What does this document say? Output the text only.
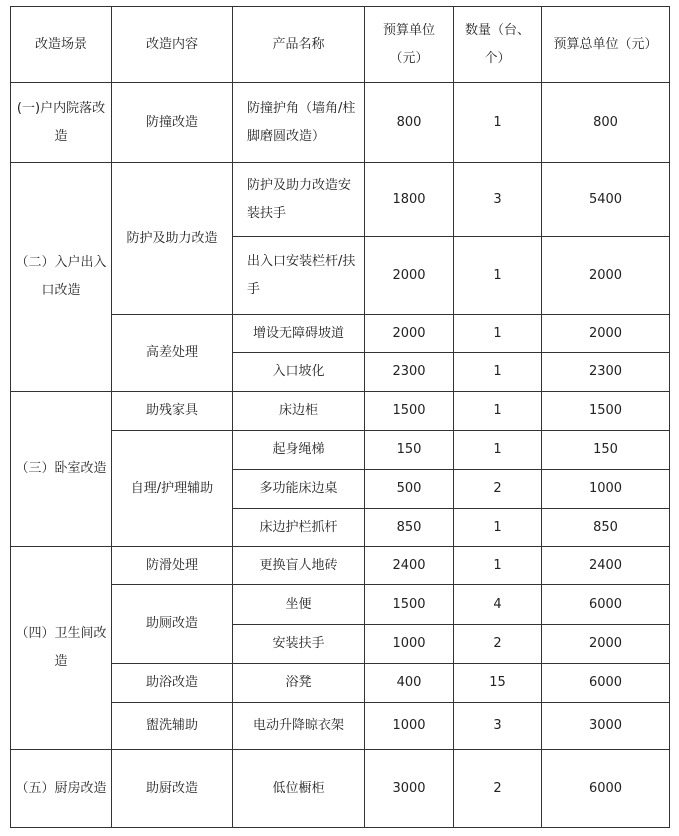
改造场景	改造内容	产品名称	预算单位（元）	数量（台、个）	预算总单位（元）
(一)户内院落改造	防撞改造	防撞护角（墙角/柱脚磨圆改造）	800	1	800
（二）入户出入口改造	防护及助力改造	防护及助力改造安装扶手	1800	3	5400
		出入口安装栏杆/扶手	2000	1	2000
	高差处理	增设无障碍坡道	2000	1	2000
		入口坡化	2300	1	2300
（三）卧室改造	助残家具	床边柜	1500	1	1500
	自理/护理辅助	起身绳梯	150	1	150
		多功能床边桌	500	2	1000
		床边护栏抓杆	850	1	850
（四）卫生间改造	防滑处理	更换盲人地砖	2400	1	2400
	助厕改造	坐便	1500	4	6000
		安装扶手	1000	2	2000
	助浴改造	浴凳	400	15	6000
	盥洗辅助	电动升降晾衣架	1000	3	3000
（五）厨房改造	助厨改造	低位橱柜	3000	2	6000
